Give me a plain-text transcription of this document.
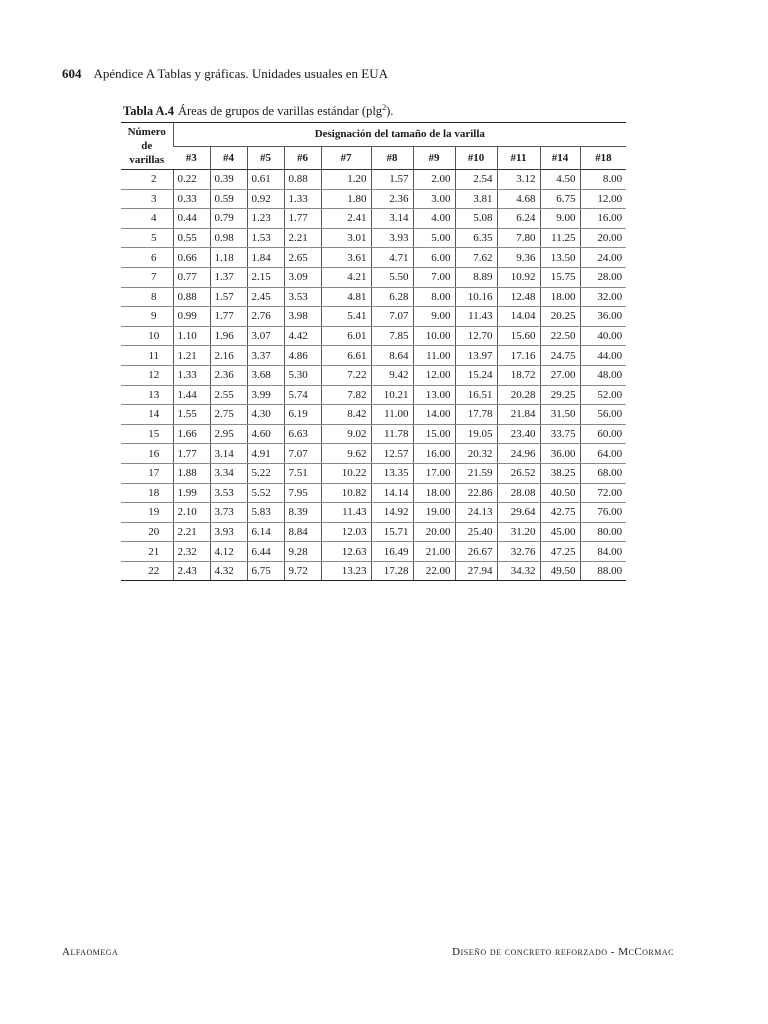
604 Apéndice A Tablas y gráficas. Unidades usuales en EUA
Tabla A.4 Áreas de grupos de varillas estándar (plg$^2$).
Número
de varillas	Designación del tamaño de la varilla										
	#3	#4	#5	#6	#7	#8	#9	#10	#11	#14	#18
2	0.22	0.39	0.61	0.88	1.20	1.57	2.00	2.54	3.12	4.50	8.00
3	0.33	0.59	0.92	1.33	1.80	2.36	3.00	3.81	4.68	6.75	12.00
4	0.44	0.79	1.23	1.77	2.41	3.14	4.00	5.08	6.24	9.00	16.00
5	0.55	0.98	1.53	2.21	3.01	3.93	5.00	6.35	7.80	11.25	20.00
6	0.66	1.18	1.84	2.65	3.61	4.71	6.00	7.62	9.36	13.50	24.00
7	0.77	1.37	2.15	3.09	4.21	5.50	7.00	8.89	10.92	15.75	28.00
8	0.88	1.57	2.45	3.53	4.81	6.28	8.00	10.16	12.48	18.00	32.00
9	0.99	1.77	2.76	3.98	5.41	7.07	9.00	11.43	14.04	20.25	36.00
10	1.10	1.96	3.07	4.42	6.01	7.85	10.00	12.70	15.60	22.50	40.00
11	1.21	2.16	3.37	4.86	6.61	8.64	11.00	13.97	17.16	24.75	44.00
12	1.33	2.36	3.68	5.30	7.22	9.42	12.00	15.24	18.72	27.00	48.00
13	1.44	2.55	3.99	5.74	7.82	10.21	13.00	16.51	20.28	29.25	52.00
14	1.55	2.75	4.30	6.19	8.42	11.00	14.00	17.78	21.84	31.50	56.00
15	1.66	2.95	4.60	6.63	9.02	11.78	15.00	19.05	23.40	33.75	60.00
16	1.77	3.14	4.91	7.07	9.62	12.57	16.00	20.32	24.96	36.00	64.00
17	1.88	3.34	5.22	7.51	10.22	13.35	17.00	21.59	26.52	38.25	68.00
18	1.99	3.53	5.52	7.95	10.82	14.14	18.00	22.86	28.08	40.50	72.00
19	2.10	3.73	5.83	8.39	11.43	14.92	19.00	24.13	29.64	42.75	76.00
20	2.21	3.93	6.14	8.84	12.03	15.71	20.00	25.40	31.20	45.00	80.00
21	2.32	4.12	6.44	9.28	12.63	16.49	21.00	26.67	32.76	47.25	84.00
22	2.43	4.32	6.75	9.72	13.23	17.28	22.00	27.94	34.32	49.50	88.00
Alfaomega	Diseño de concreto reforzado - McCormac
